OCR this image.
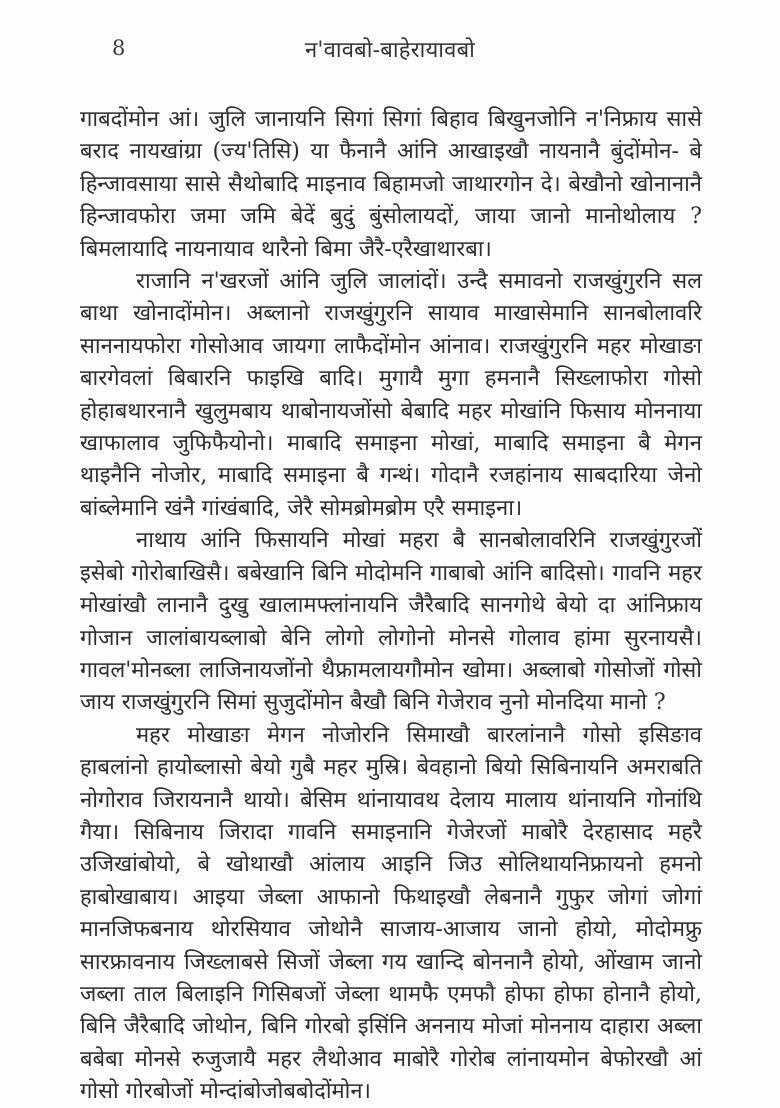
8	न'वावबो-बाहेरायावबो

गाबदोंमोन आं। जुलि जानायनि सिगां सिगां बिहाव बिखुनजोनि न'निफ्राय सासे बराद नायखांग्रा (ज्य'तिसि) या फैनानै आंनि आखाइखौ नायनानै बुंदोंमोन- बे हिन्जावसाया सासे सैथोबादि माइनाव बिहामजो जाथारगोन दे। बेखौनो खोनानानै हिन्जावफोरा जमा जमि बेदें बुदुं बुंसोलायदों, जाया जानो मानोथोलाय ? बिमलायादि नायनायाव थारैनो बिमा जैरै-एरैखाथारबा।

राजानि न'खरजों आंनि जुलि जालांदों। उन्दै समावनो राजखुंगुरनि सल बाथा खोनादोंमोन। अब्लानो राजखुंगुरनि सायाव माखासेमानि सानबोलावरि साननायफोरा गोसोआव जायगा लाफैदोंमोन आंनाव। राजखुंगुरनि महर मोखाङा बारगेवलां बिबारनि फाइखि बादि। मुगायै मुगा हमनानै सिख्लाफोरा गोसो होहाबथारनानै खुलुमबाय थाबोनायजोंसो बेबादि महर मोखांनि फिसाय मोननाया खाफालाव जुफिफैयोनो। माबादि समाइना मोखां, माबादि समाइना बै मेगन थाइनैनि नोजोर, माबादि समाइना बै गन्थं। गोदानै रजहांनाय साबदारिया जेनो बांब्लेमानि खंनै गांखंबादि, जेरै सोमब्रोमब्रोम एरै समाइना।

नाथाय आंनि फिसायनि मोखां महरा बै सानबोलावरिनि राजखुंगुरजों इसेबो गोरोबाखिसै। बबेखानि बिनि मोदोमनि गाबाबो आंनि बादिसो। गावनि महर मोखांखौ लानानै दुखु खालामफ्लांनायनि जैरैबादि सानगोथे बेयो दा आंनिफ्राय गोजान जालांबायब्लाबो बेनि लोगो लोगोनो मोनसे गोलाव हांमा सुरनायसै। गावल'मोनब्ला लाजिनायजोंनो थैफ्रामलायगौमोन खोमा। अब्लाबो गोसोजों गोसो जाय राजखुंगुरनि सिमां सुजुदोंमोन बैखौ बिनि गेजेराव नुनो मोनदिया मानो ?

महर मोखाङा मेगन नोजोरनि सिमाखौ बारलांनानै गोसो इसिङाव हाबलांनो हायोब्लासो बेयो गुबै महर मुस्रि। बेवहानो बियो सिबिनायनि अमराबति नोगोराव जिरायनानै थायो। बेसिम थांनायावथ देलाय मालाय थांनायनि गोनांथि गैया। सिबिनाय जिरादा गावनि समाइनानि गेजेरजों माबोरै देरहासाद महरै उजिखांबोयो, बे खोथाखौ आंलाय आइनि जिउ सोलिथायनिफ्रायनो हमनो हाबोखाबाय। आइया जेब्ला आफानो फिथाइखौ लेबनानै गुफुर जोगां जोगां मानजिफबनाय थोरसियाव जोथोनै साजाय-आजाय जानो होयो, मोदोमफ्रु सारफ्रावनाय जिख्लाबसे सिजों जेब्ला गय खान्दि बोननानै होयो, ओंखाम जानो जब्ला ताल बिलाइनि गिसिबजों जेब्ला थामफै एमफौ होफा होफा होनानै होयो, बिनि जैरैबादि जोथोन, बिनि गोरबो इसिंनि अननाय मोजां मोननाय दाहारा अब्ला बबेबा मोनसे रुजुजायै महर लैथोआव माबोरै गोरोब लांनायमोन बेफोरखौ आं गोसो गोरबोजों मोन्दांबोजोबबोदोंमोन।
